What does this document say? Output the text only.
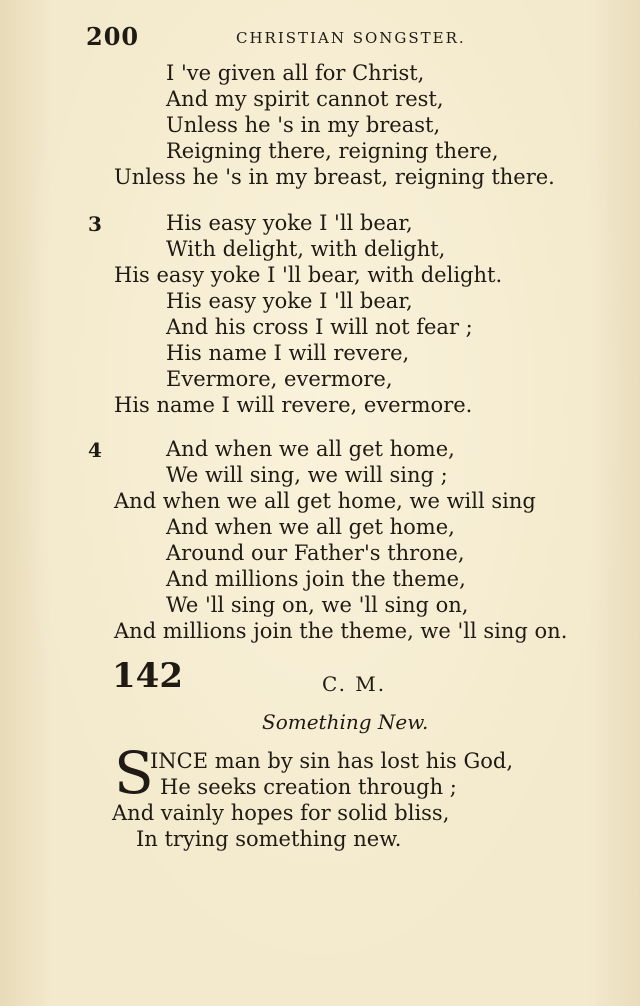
200	CHRISTIAN SONGSTER.
I 've given all for Christ,
And my spirit cannot rest,
Unless he 's in my breast,
Reigning there, reigning there,
Unless he 's in my breast, reigning there.
3	His easy yoke I 'll bear,
With delight, with delight,
His easy yoke I 'll bear, with delight.
His easy yoke I 'll bear,
And his cross I will not fear ;
His name I will revere,
Evermore, evermore,
His name I will revere, evermore.
4	And when we all get home,
We will sing, we will sing ;
And when we all get home, we will sing
And when we all get home,
Around our Father's throne,
And millions join the theme,
We 'll sing on, we 'll sing on,
And millions join the theme, we 'll sing on.
142	C. M.
Something New.
S
INCE man by sin has lost his God,
He seeks creation through ;
And vainly hopes for solid bliss,
In trying something new.
